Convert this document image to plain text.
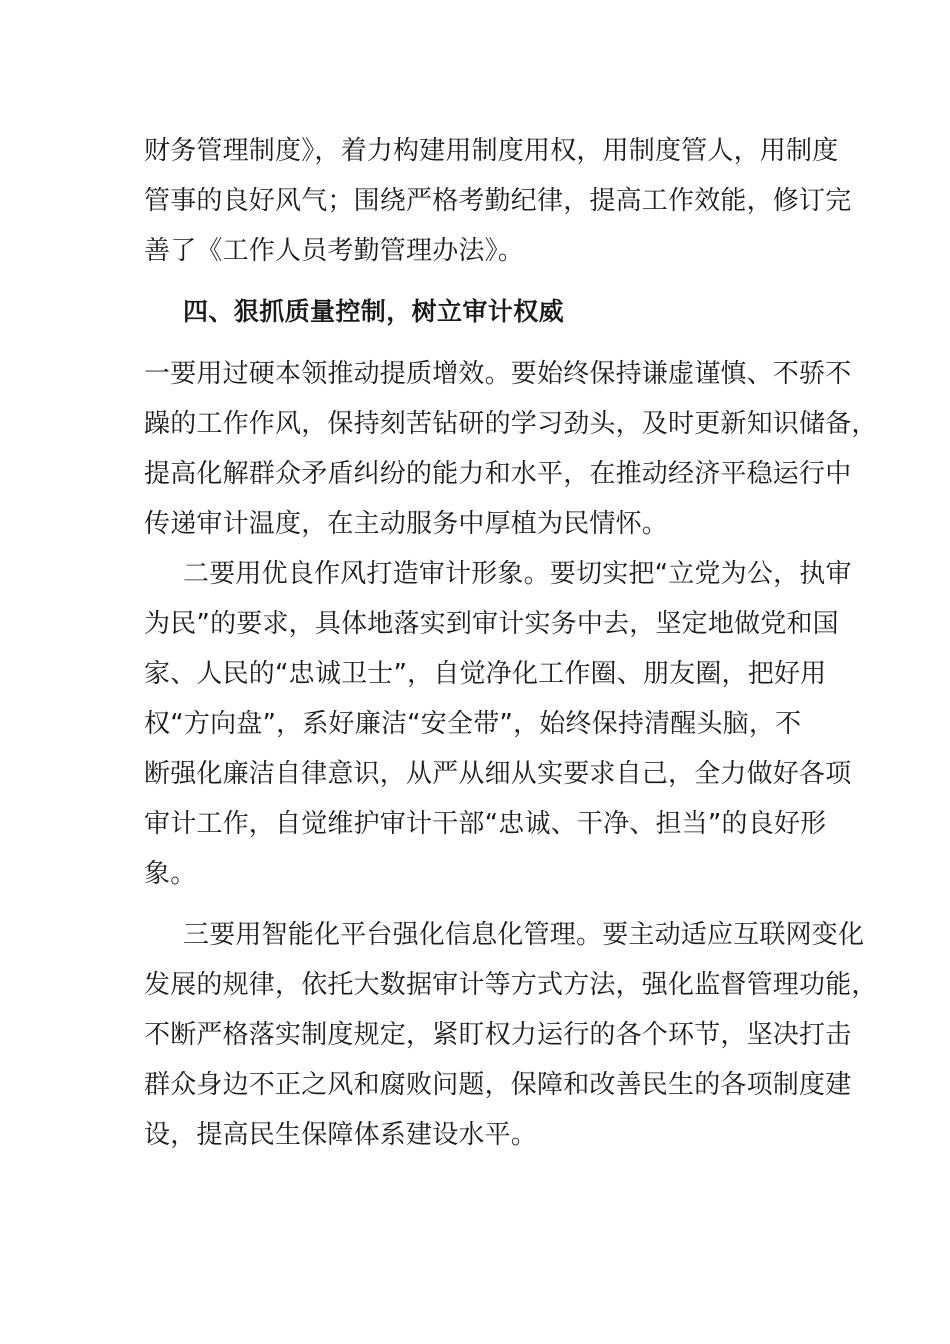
财务管理制度》，着力构建用制度用权，用制度管人，用制度
管事的良好风气；围绕严格考勤纪律，提高工作效能，修订完
善了《工作人员考勤管理办法》。
四、狠抓质量控制，树立审计权威
一要用过硬本领推动提质增效。要始终保持谦虚谨慎、不骄不
躁的工作作风，保持刻苦钻研的学习劲头，及时更新知识储备，
提高化解群众矛盾纠纷的能力和水平，在推动经济平稳运行中
传递审计温度，在主动服务中厚植为民情怀。
二要用优良作风打造审计形象。要切实把“立党为公，执审
为民”的要求，具体地落实到审计实务中去，坚定地做党和国
家、人民的“忠诚卫士”，自觉净化工作圈、朋友圈，把好用
权“方向盘”，系好廉洁“安全带”，始终保持清醒头脑，不
断强化廉洁自律意识，从严从细从实要求自己，全力做好各项
审计工作，自觉维护审计干部“忠诚、干净、担当”的良好形
象。
三要用智能化平台强化信息化管理。要主动适应互联网变化
发展的规律，依托大数据审计等方式方法，强化监督管理功能，
不断严格落实制度规定，紧盯权力运行的各个环节，坚决打击
群众身边不正之风和腐败问题，保障和改善民生的各项制度建
设，提高民生保障体系建设水平。
